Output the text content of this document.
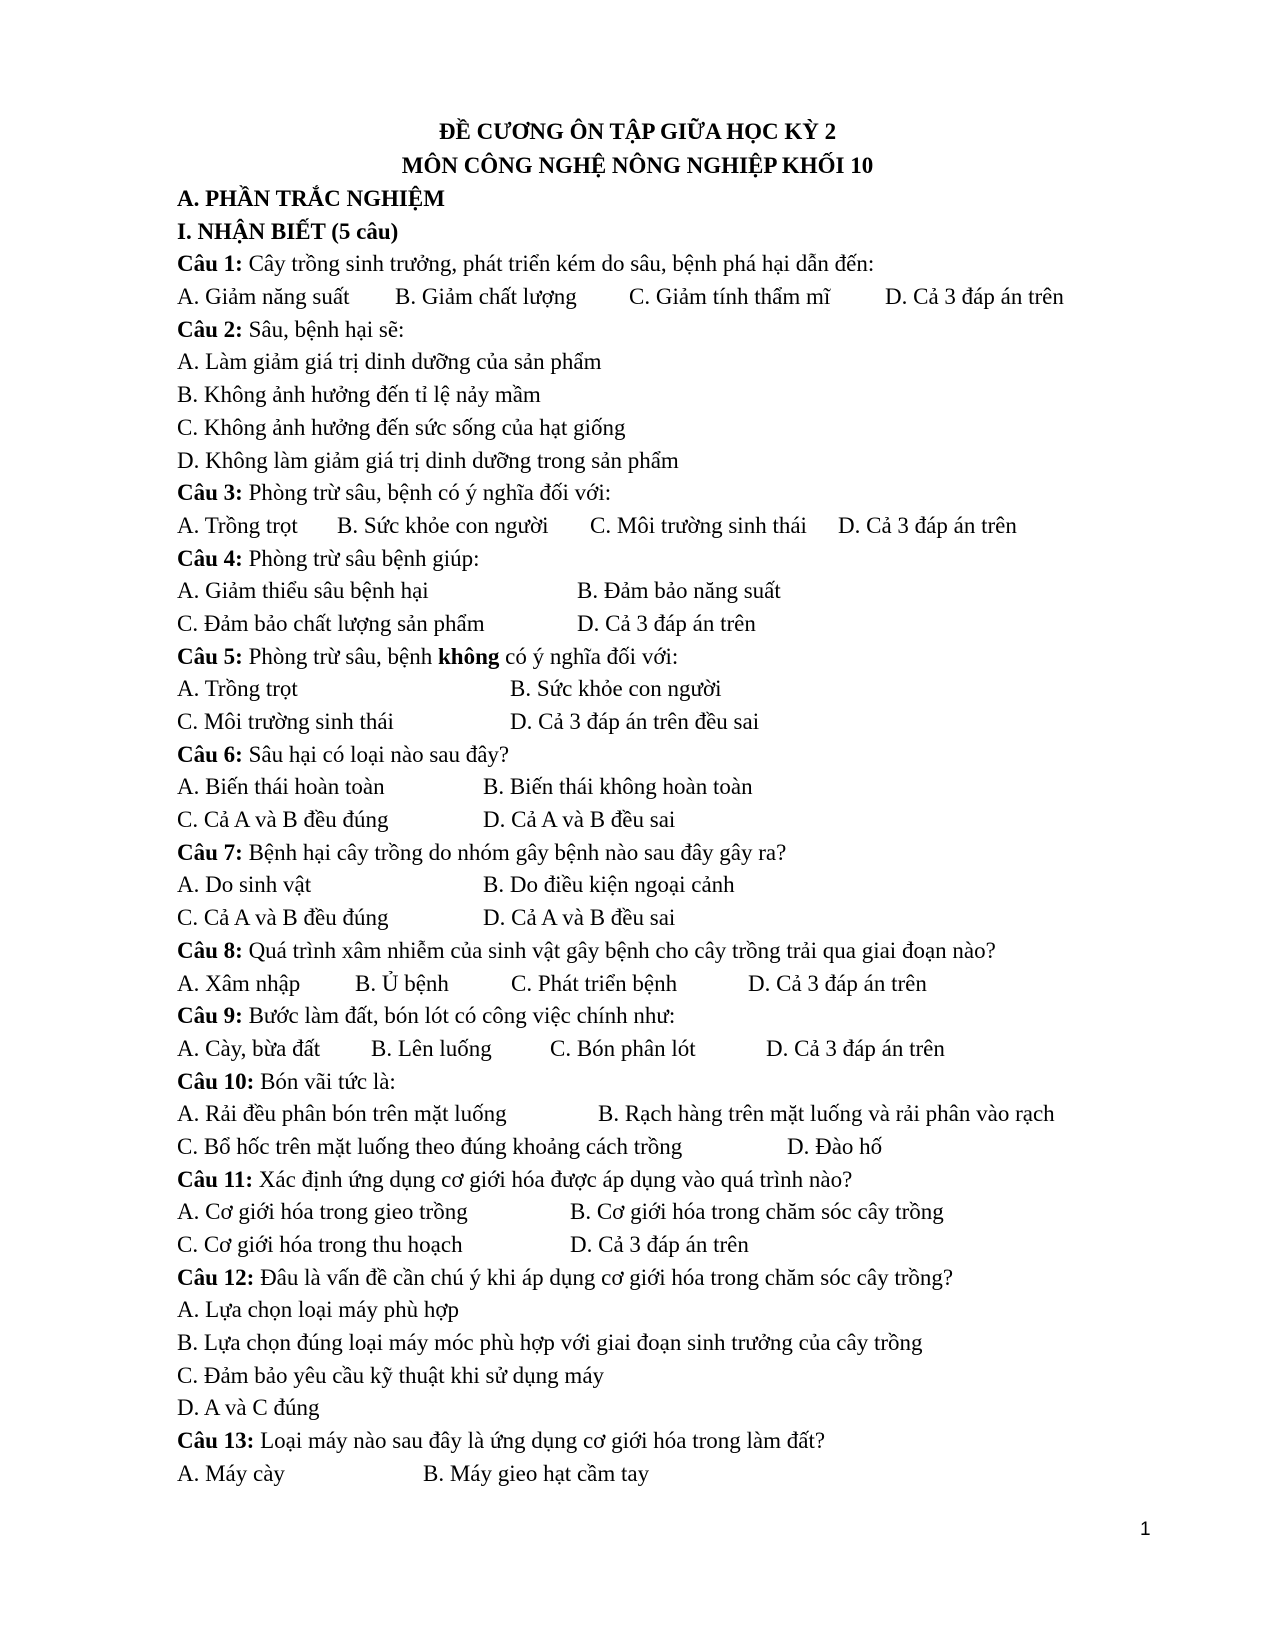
ĐỀ CƯƠNG ÔN TẬP GIỮA HỌC KỲ 2
MÔN CÔNG NGHỆ NÔNG NGHIỆP KHỐI 10
A. PHẦN TRẮC NGHIỆM
I. NHẬN BIẾT (5 câu)
Câu 1: Cây trồng sinh trưởng, phát triển kém do sâu, bệnh phá hại dẫn đến:
A. Giảm năng suất B. Giảm chất lượng C. Giảm tính thẩm mĩ D. Cả 3 đáp án trên
Câu 2: Sâu, bệnh hại sẽ:
A. Làm giảm giá trị dinh dưỡng của sản phẩm
B. Không ảnh hưởng đến tỉ lệ nảy mầm
C. Không ảnh hưởng đến sức sống của hạt giống
D. Không làm giảm giá trị dinh dưỡng trong sản phẩm
Câu 3: Phòng trừ sâu, bệnh có ý nghĩa đối với:
A. Trồng trọt B. Sức khỏe con người C. Môi trường sinh thái D. Cả 3 đáp án trên
Câu 4: Phòng trừ sâu bệnh giúp:
A. Giảm thiểu sâu bệnh hại	B. Đảm bảo năng suất
C. Đảm bảo chất lượng sản phẩm	D. Cả 3 đáp án trên
Câu 5: Phòng trừ sâu, bệnh không có ý nghĩa đối với:
A. Trồng trọt	B. Sức khỏe con người
C. Môi trường sinh thái	D. Cả 3 đáp án trên đều sai
Câu 6: Sâu hại có loại nào sau đây?
A. Biến thái hoàn toàn	B. Biến thái không hoàn toàn
C. Cả A và B đều đúng	D. Cả A và B đều sai
Câu 7: Bệnh hại cây trồng do nhóm gây bệnh nào sau đây gây ra?
A. Do sinh vật	B. Do điều kiện ngoại cảnh
C. Cả A và B đều đúng	D. Cả A và B đều sai
Câu 8: Quá trình xâm nhiễm của sinh vật gây bệnh cho cây trồng trải qua giai đoạn nào?
A. Xâm nhập B. Ủ bệnh	C. Phát triển bệnh	D. Cả 3 đáp án trên
Câu 9: Bước làm đất, bón lót có công việc chính như:
A. Cày, bừa đất B. Lên luống	C. Bón phân lót	D. Cả 3 đáp án trên
Câu 10: Bón vãi tức là:
A. Rải đều phân bón trên mặt luống	B. Rạch hàng trên mặt luống và rải phân vào rạch
C. Bổ hốc trên mặt luống theo đúng khoảng cách trồng	D. Đào hố
Câu 11: Xác định ứng dụng cơ giới hóa được áp dụng vào quá trình nào?
A. Cơ giới hóa trong gieo trồng	B. Cơ giới hóa trong chăm sóc cây trồng
C. Cơ giới hóa trong thu hoạch	D. Cả 3 đáp án trên
Câu 12: Đâu là vấn đề cần chú ý khi áp dụng cơ giới hóa trong chăm sóc cây trồng?
A. Lựa chọn loại máy phù hợp
B. Lựa chọn đúng loại máy móc phù hợp với giai đoạn sinh trưởng của cây trồng
C. Đảm bảo yêu cầu kỹ thuật khi sử dụng máy
D. A và C đúng
Câu 13: Loại máy nào sau đây là ứng dụng cơ giới hóa trong làm đất?
A. Máy cày	B. Máy gieo hạt cầm tay
1
